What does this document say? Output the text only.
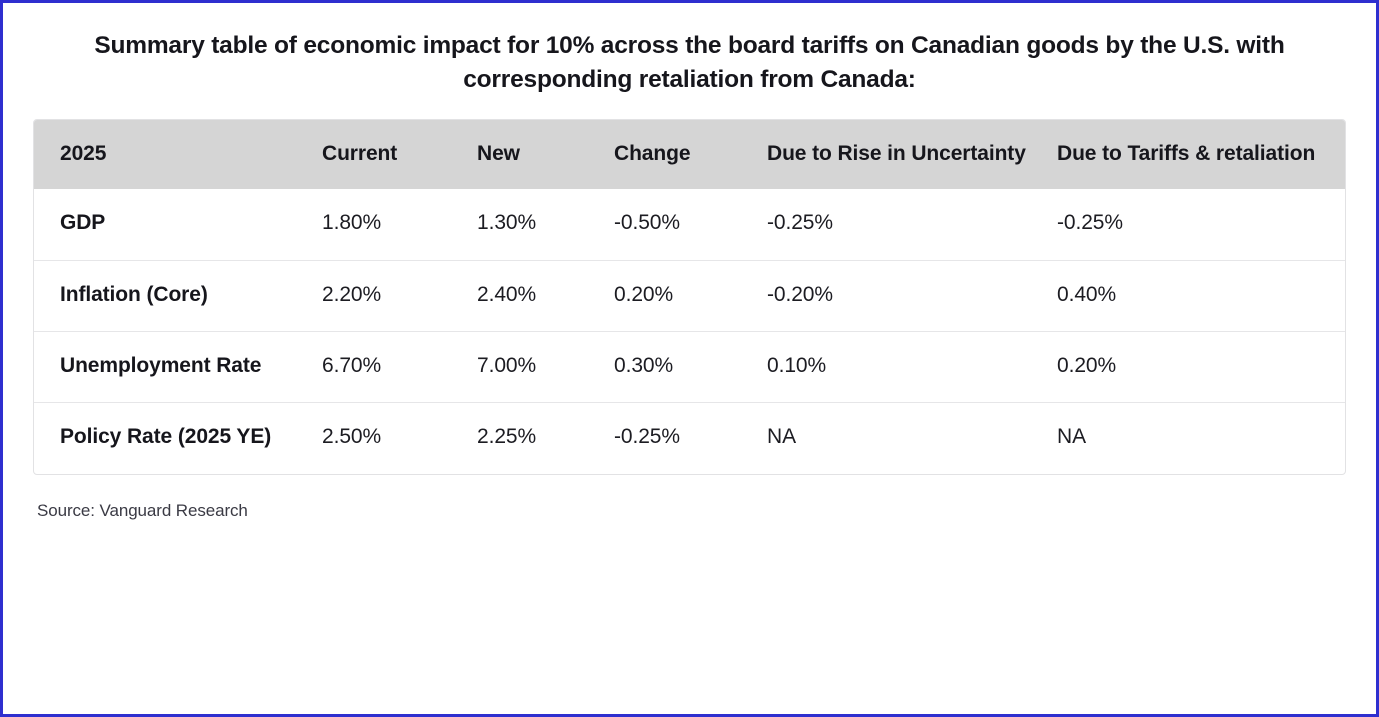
Summary table of economic impact for 10% across the board tariffs on Canadian goods by the U.S. with corresponding retaliation from Canada:
2025	Current	New	Change	Due to Rise in Uncertainty	Due to Tariffs & retaliation
GDP	1.80%	1.30%	-0.50%	-0.25%	-0.25%
Inflation (Core)	2.20%	2.40%	0.20%	-0.20%	0.40%
Unemployment Rate	6.70%	7.00%	0.30%	0.10%	0.20%
Policy Rate (2025 YE)	2.50%	2.25%	-0.25%	NA	NA
Source: Vanguard Research
